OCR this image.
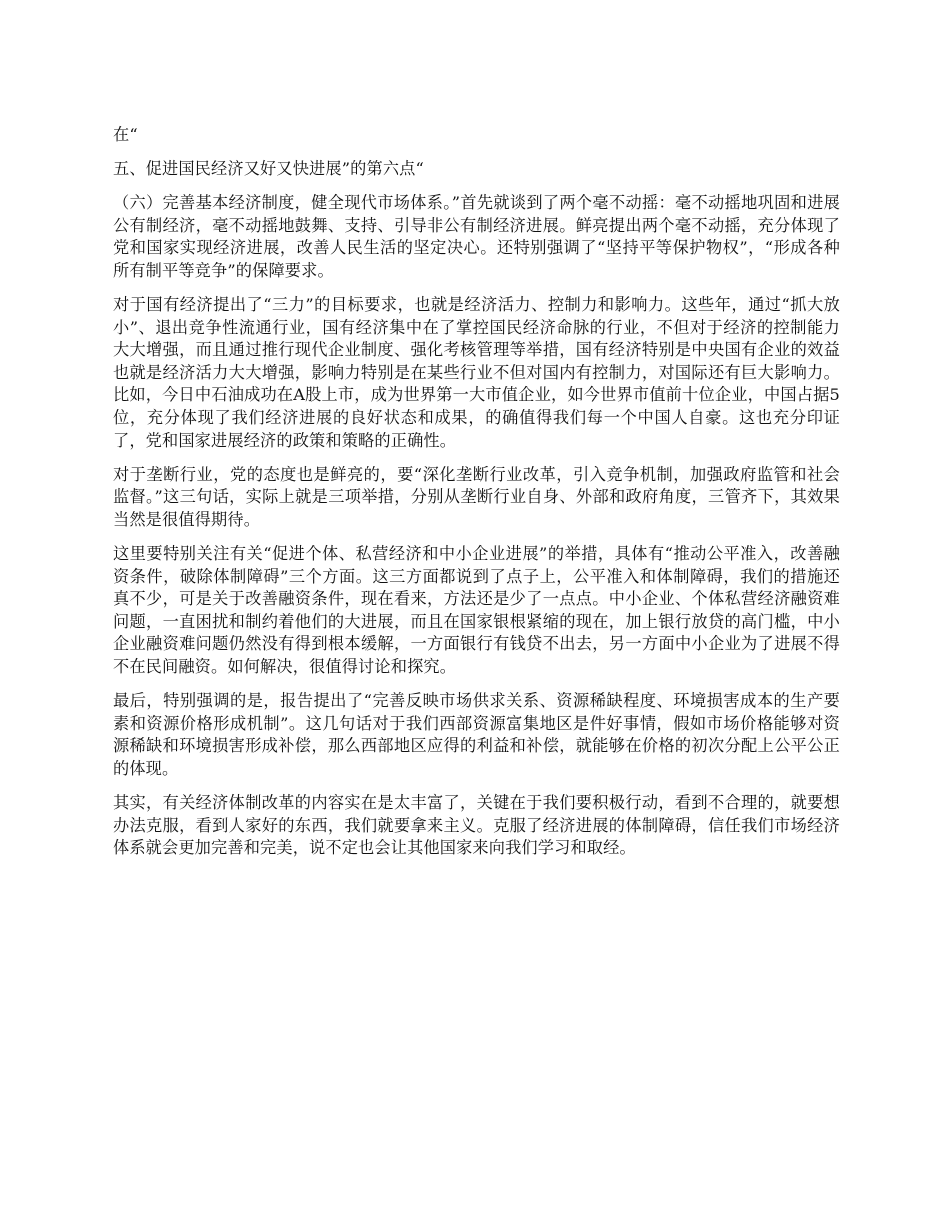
在“

五、促进国民经济又好又快进展”的第六点“

（六）完善基本经济制度，健全现代市场体系。”首先就谈到了两个毫不动摇：毫不动摇地巩固和进展公有制经济，毫不动摇地鼓舞、支持、引导非公有制经济进展。鲜亮提出两个毫不动摇，充分体现了党和国家实现经济进展，改善人民生活的坚定决心。还特别强调了“坚持平等保护物权”，“形成各种所有制平等竞争”的保障要求。

对于国有经济提出了“三力”的目标要求，也就是经济活力、控制力和影响力。这些年，通过“抓大放小”、退出竞争性流通行业，国有经济集中在了掌控国民经济命脉的行业，不但对于经济的控制能力大大增强，而且通过推行现代企业制度、强化考核管理等举措，国有经济特别是中央国有企业的效益也就是经济活力大大增强，影响力特别是在某些行业不但对国内有控制力，对国际还有巨大影响力。比如，今日中石油成功在A股上市，成为世界第一大市值企业，如今世界市值前十位企业，中国占据5位，充分体现了我们经济进展的良好状态和成果，的确值得我们每一个中国人自豪。这也充分印证了，党和国家进展经济的政策和策略的正确性。

对于垄断行业，党的态度也是鲜亮的，要“深化垄断行业改革，引入竞争机制，加强政府监管和社会监督。”这三句话，实际上就是三项举措，分别从垄断行业自身、外部和政府角度，三管齐下，其效果当然是很值得期待。

这里要特别关注有关“促进个体、私营经济和中小企业进展”的举措，具体有“推动公平准入，改善融资条件，破除体制障碍”三个方面。这三方面都说到了点子上，公平准入和体制障碍，我们的措施还真不少，可是关于改善融资条件，现在看来，方法还是少了一点点。中小企业、个体私营经济融资难问题，一直困扰和制约着他们的大进展，而且在国家银根紧缩的现在，加上银行放贷的高门槛，中小企业融资难问题仍然没有得到根本缓解，一方面银行有钱贷不出去，另一方面中小企业为了进展不得不在民间融资。如何解决，很值得讨论和探究。

最后，特别强调的是，报告提出了“完善反映市场供求关系、资源稀缺程度、环境损害成本的生产要素和资源价格形成机制”。这几句话对于我们西部资源富集地区是件好事情，假如市场价格能够对资源稀缺和环境损害形成补偿，那么西部地区应得的利益和补偿，就能够在价格的初次分配上公平公正的体现。

其实，有关经济体制改革的内容实在是太丰富了，关键在于我们要积极行动，看到不合理的，就要想办法克服，看到人家好的东西，我们就要拿来主义。克服了经济进展的体制障碍，信任我们市场经济体系就会更加完善和完美，说不定也会让其他国家来向我们学习和取经。
